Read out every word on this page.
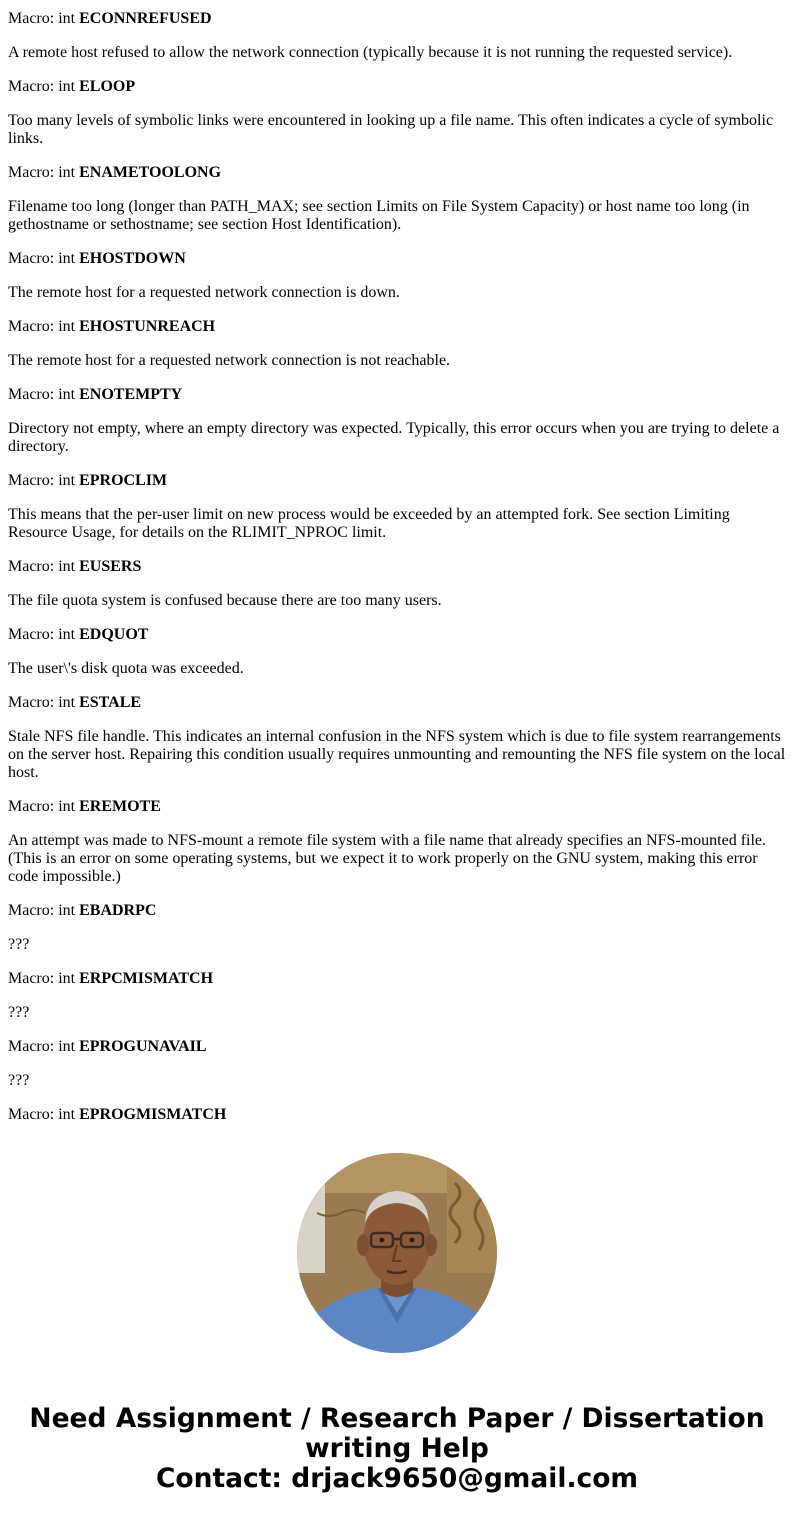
Macro: int ECONNREFUSED

A remote host refused to allow the network connection (typically because it is not running the requested service).

Macro: int ELOOP

Too many levels of symbolic links were encountered in looking up a file name. This often indicates a cycle of symbolic links.

Macro: int ENAMETOOLONG

Filename too long (longer than PATH_MAX; see section Limits on File System Capacity) or host name too long (in gethostname or sethostname; see section Host Identification).

Macro: int EHOSTDOWN

The remote host for a requested network connection is down.

Macro: int EHOSTUNREACH

The remote host for a requested network connection is not reachable.

Macro: int ENOTEMPTY

Directory not empty, where an empty directory was expected. Typically, this error occurs when you are trying to delete a directory.

Macro: int EPROCLIM

This means that the per-user limit on new process would be exceeded by an attempted fork. See section Limiting Resource Usage, for details on the RLIMIT_NPROC limit.

Macro: int EUSERS

The file quota system is confused because there are too many users.

Macro: int EDQUOT

The user\'s disk quota was exceeded.

Macro: int ESTALE

Stale NFS file handle. This indicates an internal confusion in the NFS system which is due to file system rearrangements on the server host. Repairing this condition usually requires unmounting and remounting the NFS file system on the local host.

Macro: int EREMOTE

An attempt was made to NFS-mount a remote file system with a file name that already specifies an NFS-mounted file. (This is an error on some operating systems, but we expect it to work properly on the GNU system, making this error code impossible.)

Macro: int EBADRPC

???

Macro: int ERPCMISMATCH

???

Macro: int EPROGUNAVAIL

???

Macro: int EPROGMISMATCH

Need Assignment / Research Paper / Dissertation
writing Help
Contact: drjack9650@gmail.com
